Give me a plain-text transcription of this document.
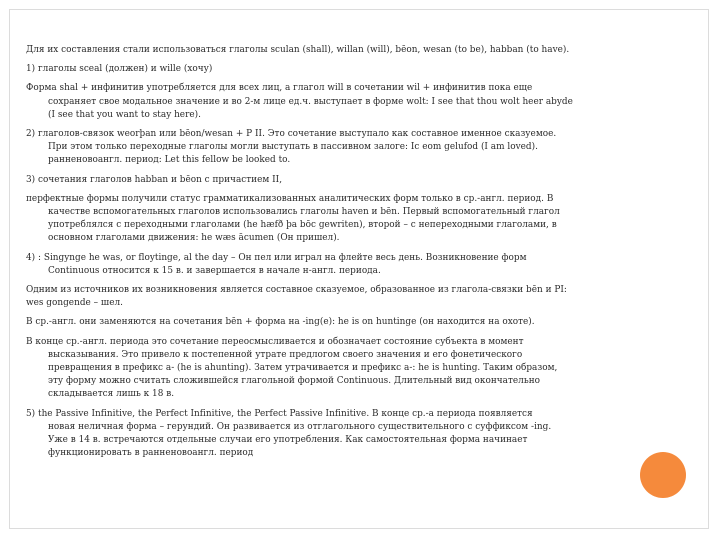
Для их составления стали использоваться глаголы sculan (shall), willan (will), bēon, wesan (to be), habban (to have).

1) глаголы sceal (должен) и wille (хочу)

Форма shal + инфинитив употребляется для всех лиц, а глагол will в сочетании wil + инфинитив пока еще
сохраняет свое модальное значение и во 2-м лице ед.ч. выступает в форме wolt: I see that thou wolt heer abyde
(I see that you want to stay here).

2) глаголов-связок weorþan или bēon/wesan + P II. Это сочетание выступало как составное именное сказуемое.
При этом только переходные глаголы могли выступать в пассивном залоге: Ic eom gelufod (I am loved).
ранненовоангл. период: Let this fellow be looked to.

3) сочетания глаголов habban и bēon с причастием II,

перфектные формы получили статус грамматикализованных аналитических форм только в ср.-англ. период. В
качестве вспомогательных глаголов использовались глаголы haven и bēn. Первый вспомогательный глагол
употреблялся с переходными глаголами (he hæfð þa bōc gewriten), второй – с непереходными глаголами, в
основном глаголами движения: he wæs ācumen (Он пришел).

4) : Singynge he was, or floytinge, al the day – Он пел или играл на флейте весь день. Возникновение форм
Continuous относится к 15 в. и завершается в начале н-англ. периода.

Одним из источников их возникновения является составное сказуемое, образованное из глагола-связки bēn и PI:
wes gongende – шел.

В ср.-англ. они заменяются на сочетания bēn + форма на -ing(e): he is on huntinge (он находится на охоте).

В конце ср.-англ. периода это сочетание переосмысливается и обозначает состояние субъекта в момент
высказывания. Это привело к постепенной утрате предлогом своего значения и его фонетического
превращения в префикс а- (he is ahunting). Затем утрачивается и префикс а-: he is hunting. Таким образом,
эту форму можно считать сложившейся глагольной формой Continuous. Длительный вид окончательно
складывается лишь к 18 в.

5) the Passive Infinitive, the Perfect Infinitive, the Perfect Passive Infinitive. В конце ср.-а периода появляется
новая неличная форма – герундий. Он развивается из отглагольного существительного с суффиксом -ing.
Уже в 14 в. встречаются отдельные случаи его употребления. Как самостоятельная форма начинает
функционировать в ранненовоангл. период
